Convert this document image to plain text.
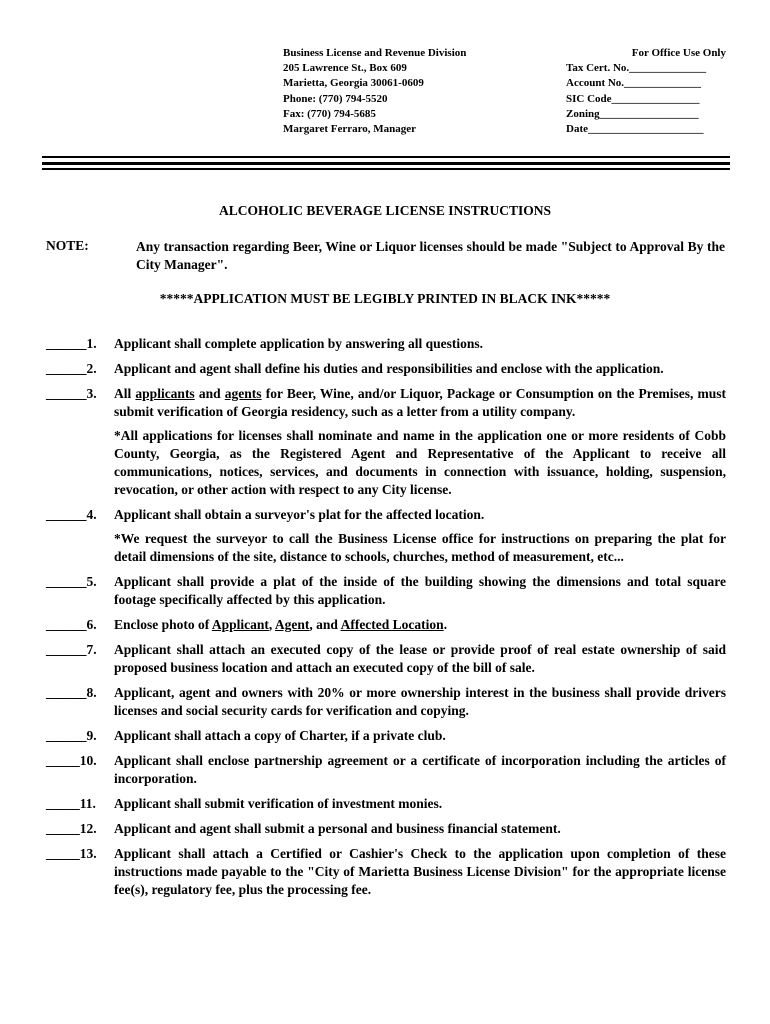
Business License and Revenue Division
205 Lawrence St., Box 609
Marietta, Georgia 30061-0609
Phone: (770) 794-5520
Fax: (770) 794-5685
Margaret Ferraro, Manager
For Office Use Only
Tax Cert. No.______________
Account No.______________
SIC Code________________
Zoning__________________
Date_____________________
ALCOHOLIC BEVERAGE LICENSE INSTRUCTIONS
NOTE:	Any transaction regarding Beer, Wine or Liquor licenses should be made "Subject to Approval By the City Manager".
*****APPLICATION MUST BE LEGIBLY PRINTED IN BLACK INK*****
______1.	Applicant shall complete application by answering all questions.
______2.	Applicant and agent shall define his duties and responsibilities and enclose with the application.
______3.	All applicants and agents for Beer, Wine, and/or Liquor, Package or Consumption on the Premises, must submit verification of Georgia residency, such as a letter from a utility company.
*All applications for licenses shall nominate and name in the application one or more residents of Cobb County, Georgia, as the Registered Agent and Representative of the Applicant to receive all communications, notices, services, and documents in connection with issuance, holding, suspension, revocation, or other action with respect to any City license.
______4.	Applicant shall obtain a surveyor's plat for the affected location.
*We request the surveyor to call the Business License office for instructions on preparing the plat for detail dimensions of the site, distance to schools, churches, method of measurement, etc...
______5.	Applicant shall provide a plat of the inside of the building showing the dimensions and total square footage specifically affected by this application.
______6.	Enclose photo of Applicant, Agent, and Affected Location.
______7.	Applicant shall attach an executed copy of the lease or provide proof of real estate ownership of said proposed business location and attach an executed copy of the bill of sale.
______8.	Applicant, agent and owners with 20% or more ownership interest in the business shall provide drivers licenses and social security cards for verification and copying.
______9.	Applicant shall attach a copy of Charter, if a private club.
_____10.	Applicant shall enclose partnership agreement or a certificate of incorporation including the articles of incorporation.
_____11.	Applicant shall submit verification of investment monies.
_____12.	Applicant and agent shall submit a personal and business financial statement.
_____13.	Applicant shall attach a Certified or Cashier's Check to the application upon completion of these instructions made payable to the "City of Marietta Business License Division" for the appropriate license fee(s), regulatory fee, plus the processing fee.
